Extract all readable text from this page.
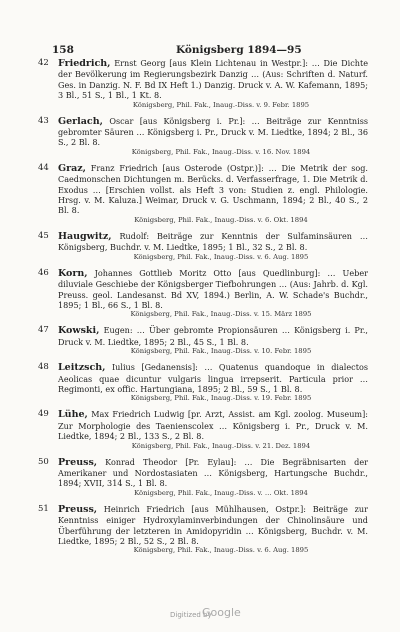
158	Königsberg 1894—95
42 Friedrich, Ernst Georg [aus Klein Lichtenau in Westpr.]: … Die Dichte der Bevölkerung im Regierungsbezirk Danzig … (Aus: Schriften d. Naturf. Ges. in Danzig. N. F. Bd IX Heft 1.) Danzig. Druck v. A. W. Kafemann, 1895; 3 Bl., 51 S., 1 Bl., 1 Kt. 8.
Königsberg, Phil. Fak., Inaug.-Diss. v. 9. Febr. 1895
43 Gerlach, Oscar [aus Königsberg i. Pr.]: … Beiträge zur Kenntniss gebromter Säuren … Königsberg i. Pr., Druck v. M. Liedtke, 1894; 2 Bl., 36 S., 2 Bl. 8.
Königsberg, Phil. Fak., Inaug.-Diss. v. 16. Nov. 1894
44 Graz, Franz Friedrich [aus Osterode (Ostpr.)]: … Die Metrik der sog. Caedmonschen Dichtungen m. Berücks. d. Verfasserfrage, 1. Die Metrik d. Exodus … [Erschien vollst. als Heft 3 von: Studien z. engl. Philologie. Hrsg. v. M. Kaluza.] Weimar, Druck v. G. Uschmann, 1894; 2 Bl., 40 S., 2 Bl. 8.
Königsberg, Phil. Fak., Inaug.-Diss. v. 6. Okt. 1894
45 Haugwitz, Rudolf: Beiträge zur Kenntnis der Sulfaminsäuren … Königsberg, Buchdr. v. M. Liedtke, 1895; 1 Bl., 32 S., 2 Bl. 8.
Königsberg, Phil. Fak., Inaug.-Diss. v. 6. Aug. 1895
46 Korn, Johannes Gottlieb Moritz Otto [aus Quedlinburg]: … Ueber diluviale Geschiebe der Königsberger Tiefbohrungen … (Aus: Jahrb. d. Kgl. Preuss. geol. Landesanst. Bd XV, 1894.) Berlin, A. W. Schade's Buchdr., 1895; 1 Bl., 66 S., 1 Bl. 8.
Königsberg, Phil. Fak., Inaug.-Diss. v. 15. März 1895
47 Kowski, Eugen: … Über gebromte Propionsäuren … Königsberg i. Pr., Druck v. M. Liedtke, 1895; 2 Bl., 45 S., 1 Bl. 8.
Königsberg, Phil. Fak., Inaug.-Diss. v. 10. Febr. 1895
48 Leitzsch, Iulius [Gedanensis]: … Quatenus quandoque in dialectos Aeolicas quae dicuntur vulgaris lingua irrepserit. Particula prior … Regimonti, ex offic. Hartungiana, 1895; 2 Bl., 59 S., 1 Bl. 8.
Königsberg, Phil. Fak., Inaug.-Diss. v. 19. Febr. 1895
49 Lühe, Max Friedrich Ludwig [pr. Arzt, Assist. am Kgl. zoolog. Museum]: Zur Morphologie des Taenienscolex … Königsberg i. Pr., Druck v. M. Liedtke, 1894; 2 Bl., 133 S., 2 Bl. 8.
Königsberg, Phil. Fak., Inaug.-Diss. v. 21. Dez. 1894
50 Preuss, Konrad Theodor [Pr. Eylau]: … Die Begräbnisarten der Amerikaner und Nordostasiaten … Königsberg, Hartungsche Buchdr., 1894; XVII, 314 S., 1 Bl. 8.
Königsberg, Phil. Fak., Inaug.-Diss. v. … Okt. 1894
51 Preuss, Heinrich Friedrich [aus Mühlhausen, Ostpr.]: Beiträge zur Kenntniss einiger Hydroxylaminverbindungen der Chinolinsäure und Überführung der letzteren in Amidopyridin … Königsberg, Buchdr. v. M. Liedtke, 1895; 2 Bl., 52 S., 2 Bl. 8.
Königsberg, Phil. Fak., Inaug.-Diss. v. 6. Aug. 1895
Digitized by
Google
